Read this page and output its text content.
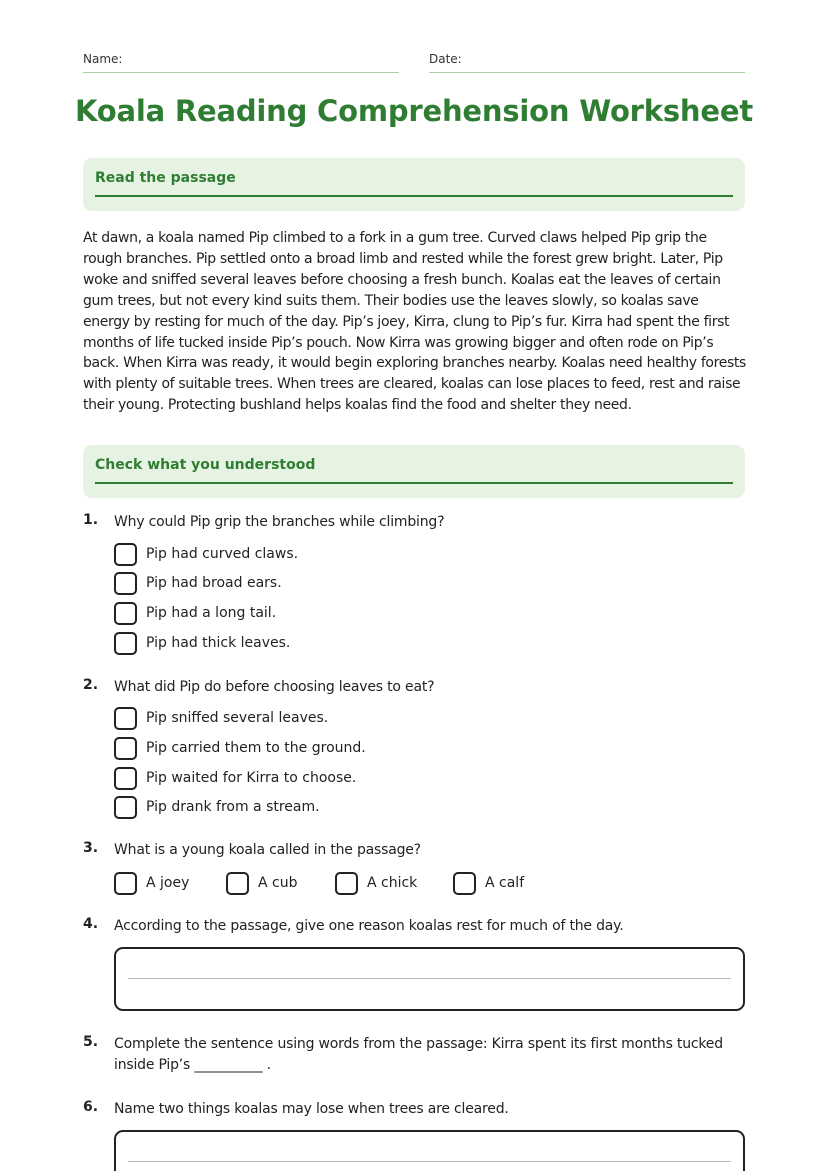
Name:	Date:
Koala Reading Comprehension Worksheet
Read the passage

At dawn, a koala named Pip climbed to a fork in a gum tree. Curved claws helped Pip grip the rough branches. Pip settled onto a broad limb and rested while the forest grew bright. Later, Pip woke and sniffed several leaves before choosing a fresh bunch. Koalas eat the leaves of certain gum trees, but not every kind suits them. Their bodies use the leaves slowly, so koalas save energy by resting for much of the day. Pip’s joey, Kirra, clung to Pip’s fur. Kirra had spent the first months of life tucked inside Pip’s pouch. Now Kirra was growing bigger and often rode on Pip’s back. When Kirra was ready, it would begin exploring branches nearby. Koalas need healthy forests with plenty of suitable trees. When trees are cleared, koalas can lose places to feed, rest and raise their young. Protecting bushland helps koalas find the food and shelter they need.

Check what you understood
1. Why could Pip grip the branches while climbing?
Pip had curved claws.
Pip had broad ears.
Pip had a long tail.
Pip had thick leaves.
2. What did Pip do before choosing leaves to eat?
Pip sniffed several leaves.
Pip carried them to the ground.
Pip waited for Kirra to choose.
Pip drank from a stream.
3. What is a young koala called in the passage?
A joey	A cub	A chick	A calf
4. According to the passage, give one reason koalas rest for much of the day.
5. Complete the sentence using words from the passage: Kirra spent its first months tucked inside Pip’s __________ .
6. Name two things koalas may lose when trees are cleared.
